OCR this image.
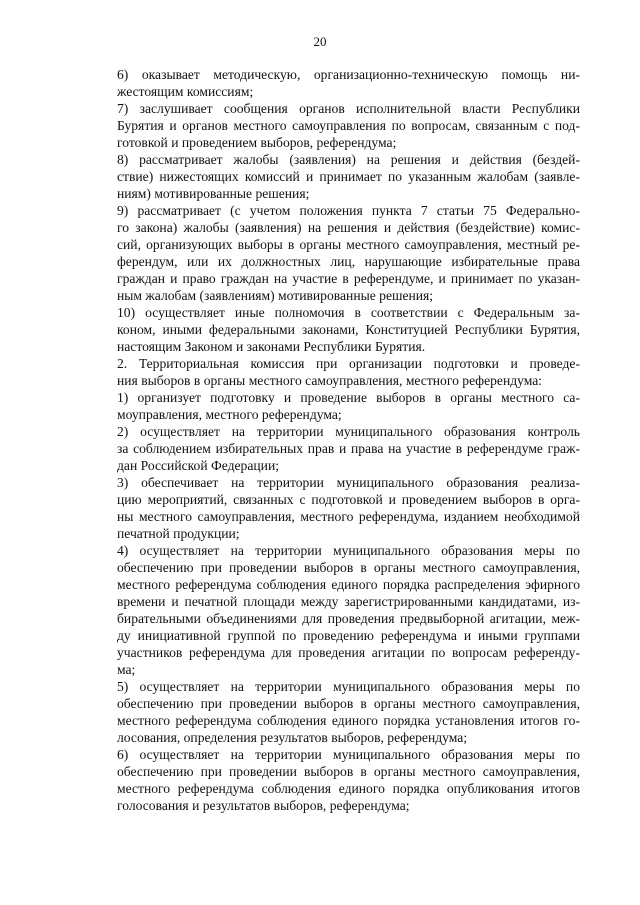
20

6) оказывает методическую, организационно-техническую помощь ни-
жестоящим комиссиям;

7) заслушивает сообщения органов исполнительной власти Республики
Бурятия и органов местного самоуправления по вопросам, связанным с под-
готовкой и проведением выборов, референдума;

8) рассматривает жалобы (заявления) на решения и действия (бездей-
ствие) нижестоящих комиссий и принимает по указанным жалобам (заявле-
ниям) мотивированные решения;

9) рассматривает (с учетом положения пункта 7 статьи 75 Федерально-
го закона) жалобы (заявления) на решения и действия (бездействие) комис-
сий, организующих выборы в органы местного самоуправления, местный ре-
ферендум, или их должностных лиц, нарушающие избирательные права
граждан и право граждан на участие в референдуме, и принимает по указан-
ным жалобам (заявлениям) мотивированные решения;

10) осуществляет иные полномочия в соответствии с Федеральным за-
коном, иными федеральными законами, Конституцией Республики Бурятия,
настоящим Законом и законами Республики Бурятия.

2. Территориальная комиссия при организации подготовки и проведе-
ния выборов в органы местного самоуправления, местного референдума:

1) организует подготовку и проведение выборов в органы местного са-
моуправления, местного референдума;

2) осуществляет на территории муниципального образования контроль
за соблюдением избирательных прав и права на участие в референдуме граж-
дан Российской Федерации;

3) обеспечивает на территории муниципального образования реализа-
цию мероприятий, связанных с подготовкой и проведением выборов в орга-
ны местного самоуправления, местного референдума, изданием необходимой
печатной продукции;

4) осуществляет на территории муниципального образования меры по
обеспечению при проведении выборов в органы местного самоуправления,
местного референдума соблюдения единого порядка распределения эфирного
времени и печатной площади между зарегистрированными кандидатами, из-
бирательными объединениями для проведения предвыборной агитации, меж-
ду инициативной группой по проведению референдума и иными группами
участников референдума для проведения агитации по вопросам референду-
ма;

5) осуществляет на территории муниципального образования меры по
обеспечению при проведении выборов в органы местного самоуправления,
местного референдума соблюдения единого порядка установления итогов го-
лосования, определения результатов выборов, референдума;

6) осуществляет на территории муниципального образования меры по
обеспечению при проведении выборов в органы местного самоуправления,
местного референдума соблюдения единого порядка опубликования итогов
голосования и результатов выборов, референдума;
